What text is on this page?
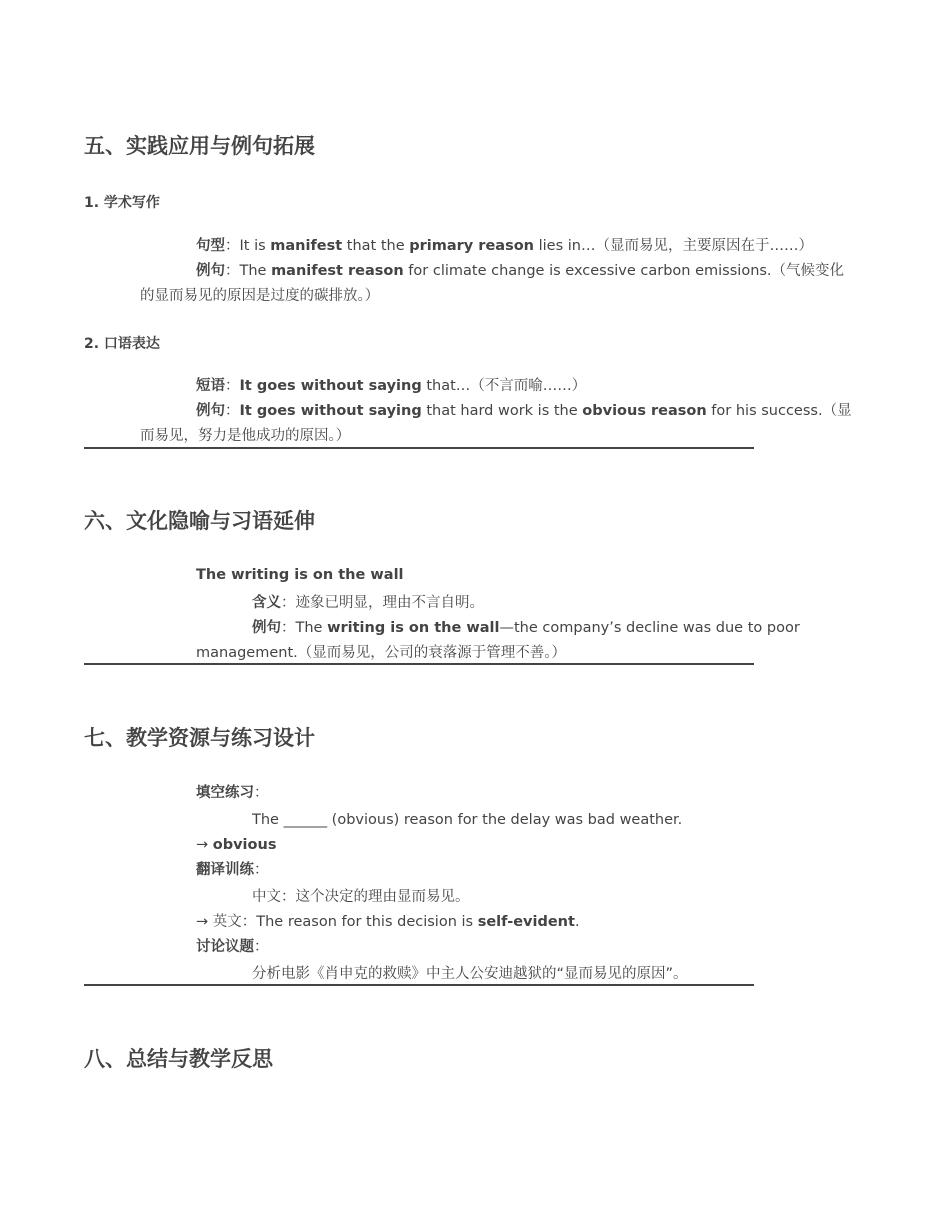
五、实践应用与例句拓展
1. 学术写作
句型：It is manifest that the primary reason lies in…（显而易见，主要原因在于……）
例句：The manifest reason for climate change is excessive carbon emissions.（气候变化
的显而易见的原因是过度的碳排放。）
2. 口语表达
短语：It goes without saying that…（不言而喻……）
例句：It goes without saying that hard work is the obvious reason for his success.（显
而易见，努力是他成功的原因。）
六、文化隐喻与习语延伸
The writing is on the wall
含义：迹象已明显，理由不言自明。
例句：The writing is on the wall—the company’s decline was due to poor
management.（显而易见，公司的衰落源于管理不善。）
七、教学资源与练习设计
填空练习：
The ______ (obvious) reason for the delay was bad weather.
→ obvious
翻译训练：
中文：这个决定的理由显而易见。
→ 英文：The reason for this decision is self-evident.
讨论议题：
分析电影《肖申克的救赎》中主人公安迪越狱的“显而易见的原因”。
八、总结与教学反思
